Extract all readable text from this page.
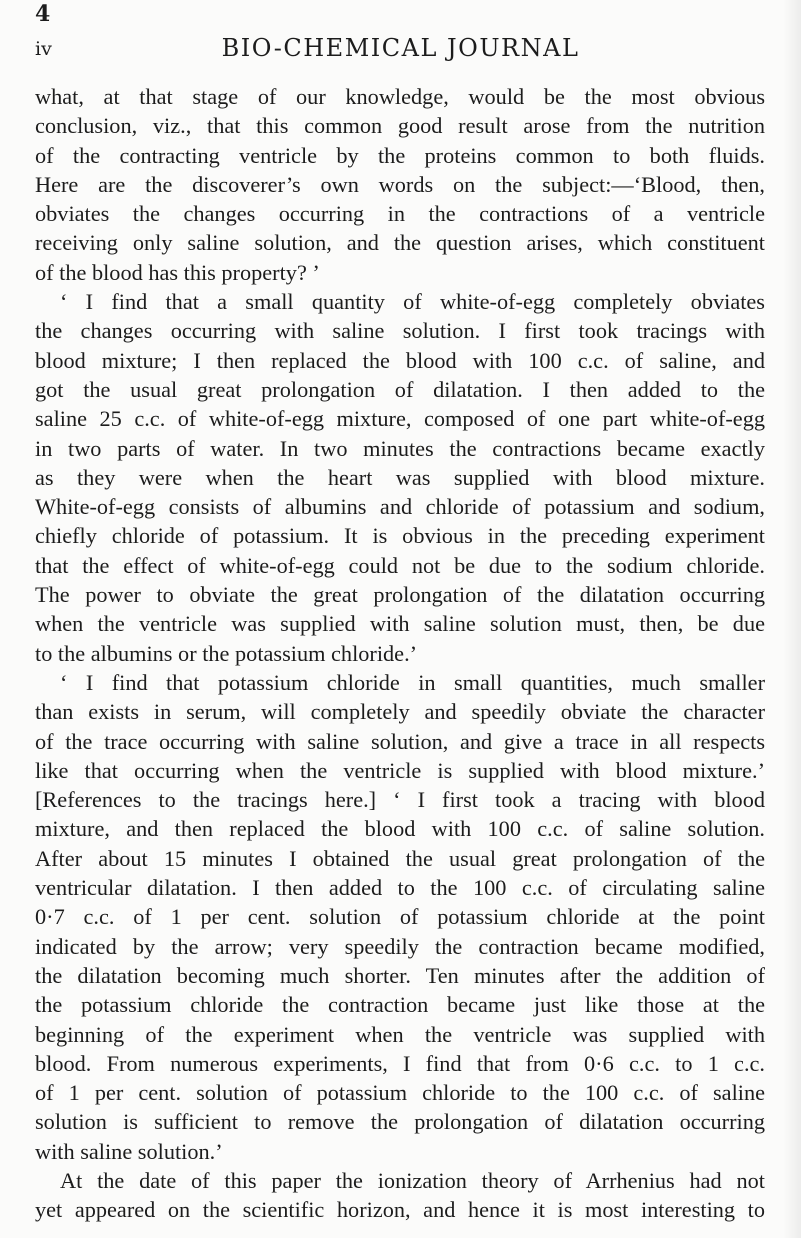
4
iv	BIO-CHEMICAL JOURNAL
what, at that stage of our knowledge, would be the most obvious
conclusion, viz., that this common good result arose from the nutrition
of the contracting ventricle by the proteins common to both fluids.
Here are the discoverer’s own words on the subject:—‘Blood, then,
obviates the changes occurring in the contractions of a ventricle
receiving only saline solution, and the question arises, which constituent
of the blood has this property? ’
‘ I find that a small quantity of white-of-egg completely obviates
the changes occurring with saline solution. I first took tracings with
blood mixture; I then replaced the blood with 100 c.c. of saline, and
got the usual great prolongation of dilatation. I then added to the
saline 25 c.c. of white-of-egg mixture, composed of one part white-of-egg
in two parts of water. In two minutes the contractions became exactly
as they were when the heart was supplied with blood mixture.
White-of-egg consists of albumins and chloride of potassium and sodium,
chiefly chloride of potassium. It is obvious in the preceding experiment
that the effect of white-of-egg could not be due to the sodium chloride.
The power to obviate the great prolongation of the dilatation occurring
when the ventricle was supplied with saline solution must, then, be due
to the albumins or the potassium chloride.’
‘ I find that potassium chloride in small quantities, much smaller
than exists in serum, will completely and speedily obviate the character
of the trace occurring with saline solution, and give a trace in all respects
like that occurring when the ventricle is supplied with blood mixture.’
[References to the tracings here.] ‘ I first took a tracing with blood
mixture, and then replaced the blood with 100 c.c. of saline solution.
After about 15 minutes I obtained the usual great prolongation of the
ventricular dilatation. I then added to the 100 c.c. of circulating saline
0·7 c.c. of 1 per cent. solution of potassium chloride at the point
indicated by the arrow; very speedily the contraction became modified,
the dilatation becoming much shorter. Ten minutes after the addition of
the potassium chloride the contraction became just like those at the
beginning of the experiment when the ventricle was supplied with
blood. From numerous experiments, I find that from 0·6 c.c. to 1 c.c.
of 1 per cent. solution of potassium chloride to the 100 c.c. of saline
solution is sufficient to remove the prolongation of dilatation occurring
with saline solution.’
At the date of this paper the ionization theory of Arrhenius had not
yet appeared on the scientific horizon, and hence it is most interesting to
